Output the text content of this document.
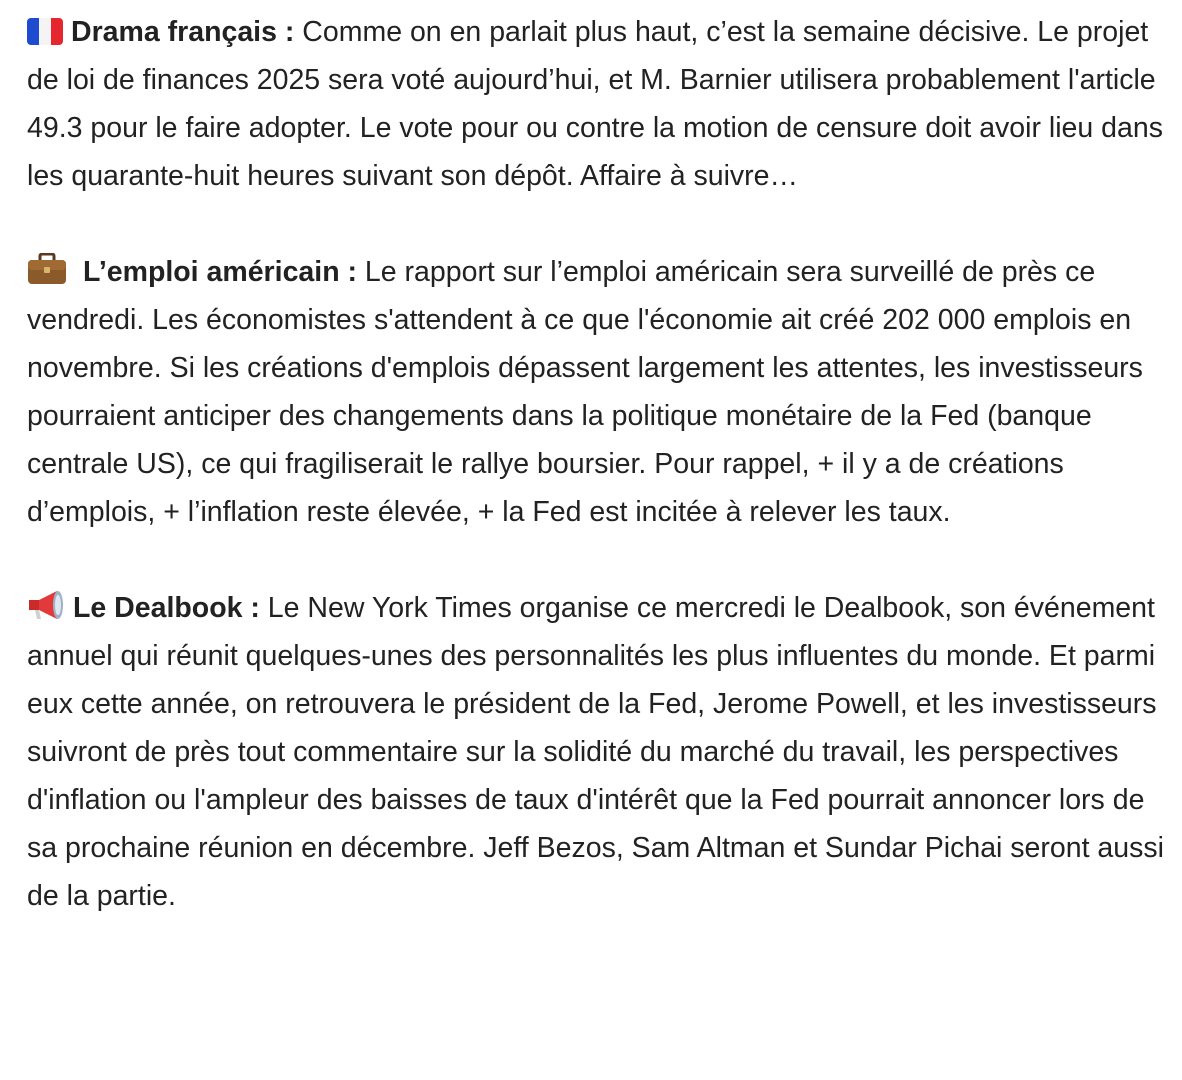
Drama français : Comme on en parlait plus haut, c’est la semaine décisive. Le projet de loi de finances 2025 sera voté aujourd’hui, et M. Barnier utilisera probablement l'article 49.3 pour le faire adopter. Le vote pour ou contre la motion de censure doit avoir lieu dans les quarante-huit heures suivant son dépôt. Affaire à suivre…

L’emploi américain : Le rapport sur l’emploi américain sera surveillé de près ce vendredi. Les économistes s'attendent à ce que l'économie ait créé 202 000 emplois en novembre. Si les créations d'emplois dépassent largement les attentes, les investisseurs pourraient anticiper des changements dans la politique monétaire de la Fed (banque centrale US), ce qui fragiliserait le rallye boursier. Pour rappel, + il y a de créations d’emplois, + l’inflation reste élevée, + la Fed est incitée à relever les taux.

Le Dealbook : Le New York Times organise ce mercredi le Dealbook, son événement annuel qui réunit quelques-unes des personnalités les plus influentes du monde. Et parmi eux cette année, on retrouvera le président de la Fed, Jerome Powell, et les investisseurs suivront de près tout commentaire sur la solidité du marché du travail, les perspectives d'inflation ou l'ampleur des baisses de taux d'intérêt que la Fed pourrait annoncer lors de sa prochaine réunion en décembre. Jeff Bezos, Sam Altman et Sundar Pichai seront aussi de la partie.
